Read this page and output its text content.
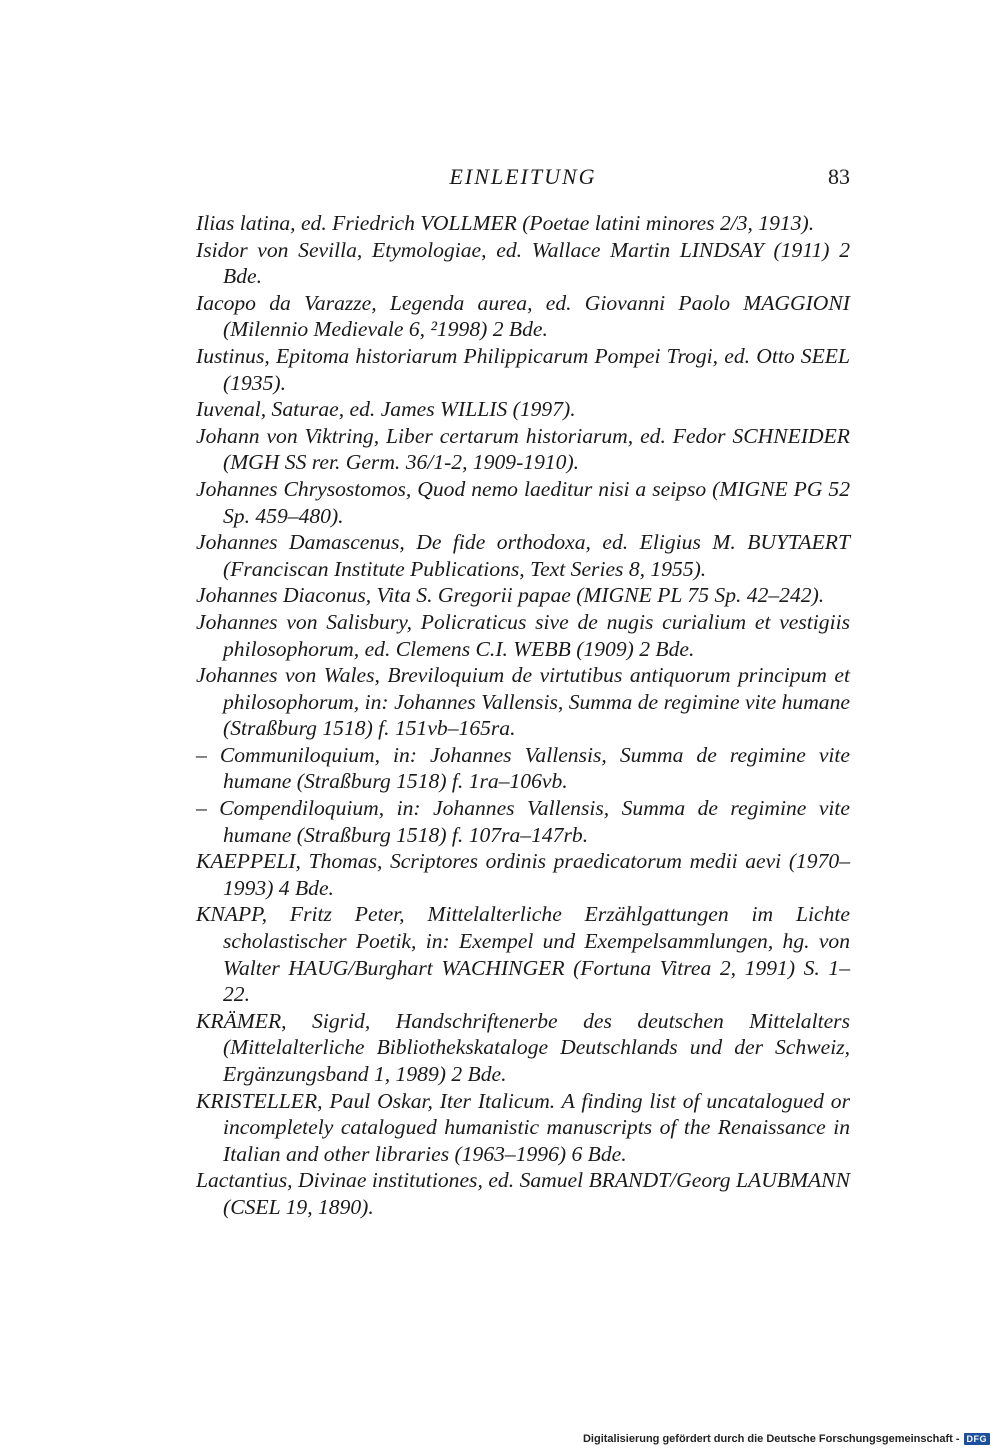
EINLEITUNG	83
Ilias latina, ed. Friedrich VOLLMER (Poetae latini minores 2/3, 1913).
Isidor von Sevilla, Etymologiae, ed. Wallace Martin LINDSAY (1911) 2 Bde.
Iacopo da Varazze, Legenda aurea, ed. Giovanni Paolo MAGGIONI (Milennio Medievale 6, ²1998) 2 Bde.
Iustinus, Epitoma historiarum Philippicarum Pompei Trogi, ed. Otto SEEL (1935).
Iuvenal, Saturae, ed. James WILLIS (1997).
Johann von Viktring, Liber certarum historiarum, ed. Fedor SCHNEIDER (MGH SS rer. Germ. 36/1-2, 1909-1910).
Johannes Chrysostomos, Quod nemo laeditur nisi a seipso (MIGNE PG 52 Sp. 459–480).
Johannes Damascenus, De fide orthodoxa, ed. Eligius M. BUYTAERT (Franciscan Institute Publications, Text Series 8, 1955).
Johannes Diaconus, Vita S. Gregorii papae (MIGNE PL 75 Sp. 42–242).
Johannes von Salisbury, Policraticus sive de nugis curialium et vestigiis philosophorum, ed. Clemens C.I. WEBB (1909) 2 Bde.
Johannes von Wales, Breviloquium de virtutibus antiquorum principum et philosophorum, in: Johannes Vallensis, Summa de regimine vite humane (Straßburg 1518) f. 151vb–165ra.
– Communiloquium, in: Johannes Vallensis, Summa de regimine vite humane (Straßburg 1518) f. 1ra–106vb.
– Compendiloquium, in: Johannes Vallensis, Summa de regimine vite humane (Straßburg 1518) f. 107ra–147rb.
KAEPPELI, Thomas, Scriptores ordinis praedicatorum medii aevi (1970–1993) 4 Bde.
KNAPP, Fritz Peter, Mittelalterliche Erzählgattungen im Lichte scholastischer Poetik, in: Exempel und Exempelsammlungen, hg. von Walter HAUG/Burghart WACHINGER (Fortuna Vitrea 2, 1991) S. 1–22.
KRÄMER, Sigrid, Handschriftenerbe des deutschen Mittelalters (Mittelalterliche Bibliothekskataloge Deutschlands und der Schweiz, Ergänzungsband 1, 1989) 2 Bde.
KRISTELLER, Paul Oskar, Iter Italicum. A finding list of uncatalogued or incompletely catalogued humanistic manuscripts of the Renaissance in Italian and other libraries (1963–1996) 6 Bde.
Lactantius, Divinae institutiones, ed. Samuel BRANDT/Georg LAUBMANN (CSEL 19, 1890).
Digitalisierung gefördert durch die Deutsche Forschungsgemeinschaft - DFG
